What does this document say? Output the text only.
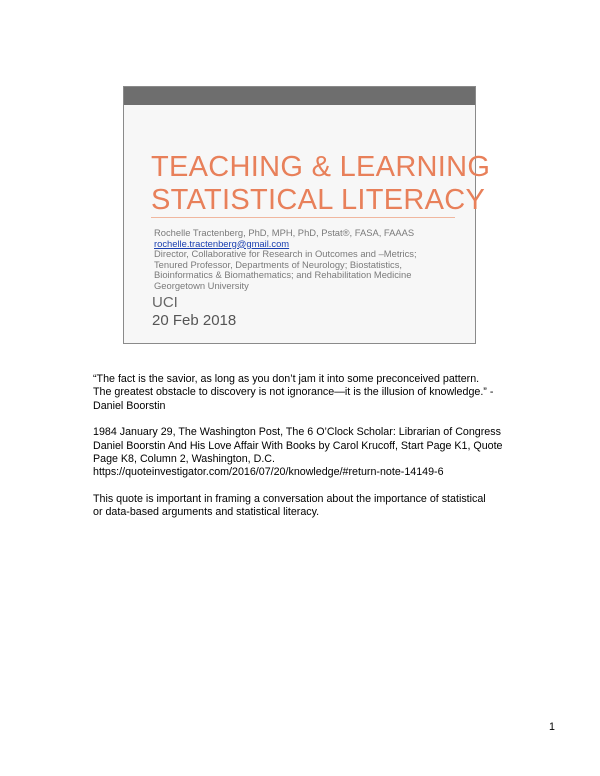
TEACHING & LEARNING
STATISTICAL LITERACY
Rochelle Tractenberg, PhD, MPH, PhD, Pstat®, FASA, FAAAS
rochelle.tractenberg@gmail.com
Director, Collaborative for Research in Outcomes and –Metrics;
Tenured Professor, Departments of Neurology; Biostatistics,
Bioinformatics & Biomathematics; and Rehabilitation Medicine
Georgetown University
UCI
20 Feb 2018

“The fact is the savior, as long as you don’t jam it into some preconceived pattern.
The greatest obstacle to discovery is not ignorance—it is the illusion of knowledge.” -
Daniel Boorstin

1984 January 29, The Washington Post, The 6 O’Clock Scholar: Librarian of Congress
Daniel Boorstin And His Love Affair With Books by Carol Krucoff, Start Page K1, Quote
Page K8, Column 2, Washington, D.C.
https://quoteinvestigator.com/2016/07/20/knowledge/#return-note-14149-6

This quote is important in framing a conversation about the importance of statistical
or data-based arguments and statistical literacy.

1
